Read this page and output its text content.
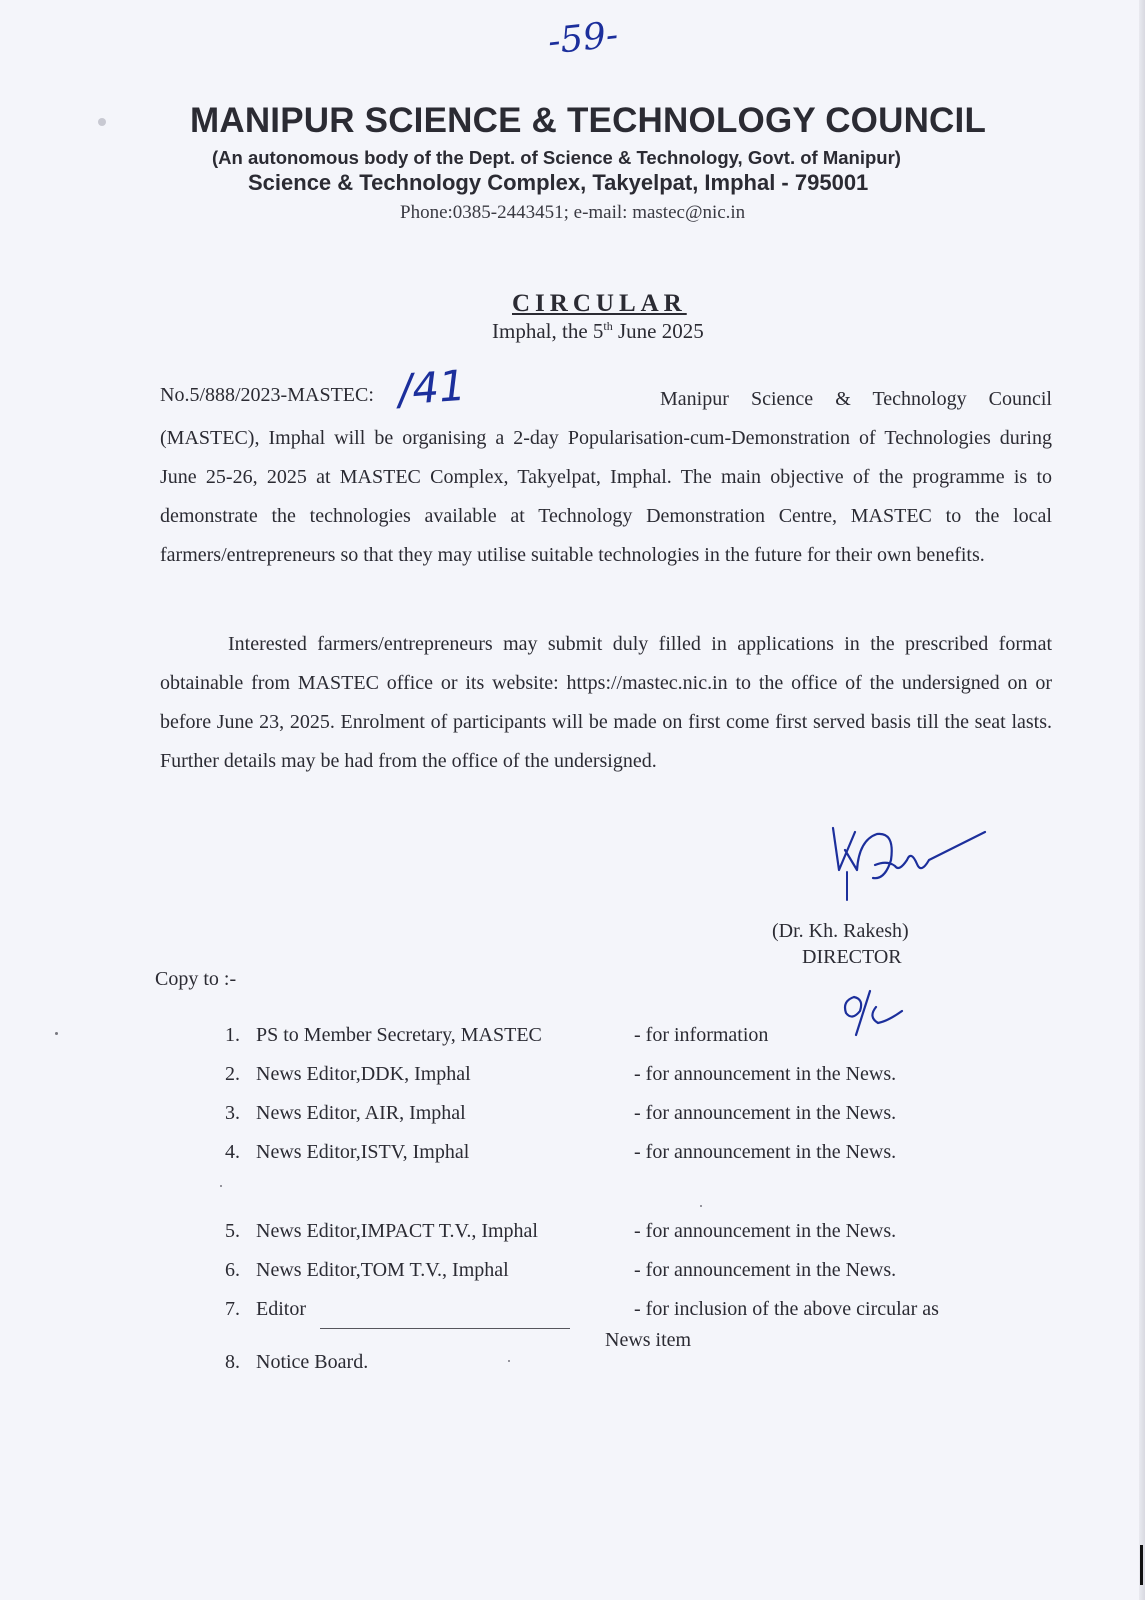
-59-
MANIPUR SCIENCE & TECHNOLOGY COUNCIL
(An autonomous body of the Dept. of Science & Technology, Govt. of Manipur)
Science & Technology Complex, Takyelpat, Imphal - 795001
Phone:0385-2443451; e-mail: mastec@nic.in
CIRCULAR
Imphal, the 5th June 2025
No.5/888/2023-MASTEC: /41	Manipur Science & Technology Council (MASTEC), Imphal will be organising a 2-day Popularisation-cum-Demonstration of Technologies during June 25-26, 2025 at MASTEC Complex, Takyelpat, Imphal. The main objective of the programme is to demonstrate the technologies available at Technology Demonstration Centre, MASTEC to the local farmers/entrepreneurs so that they may utilise suitable technologies in the future for their own benefits.

Interested farmers/entrepreneurs may submit duly filled in applications in the prescribed format obtainable from MASTEC office or its website: https://mastec.nic.in to the office of the undersigned on or before June 23, 2025. Enrolment of participants will be made on first come first served basis till the seat lasts. Further details may be had from the office of the undersigned.

(Dr. Kh. Rakesh)
DIRECTOR
Copy to :-
1. PS to Member Secretary, MASTEC	- for information
2. News Editor,DDK, Imphal	- for announcement in the News.
3. News Editor, AIR, Imphal	- for announcement in the News.
4. News Editor,ISTV, Imphal	- for announcement in the News.
5. News Editor,IMPACT T.V., Imphal	- for announcement in the News.
6. News Editor,TOM T.V., Imphal	- for announcement in the News.
7. Editor	- for inclusion of the above circular as
News item
8. Notice Board.
